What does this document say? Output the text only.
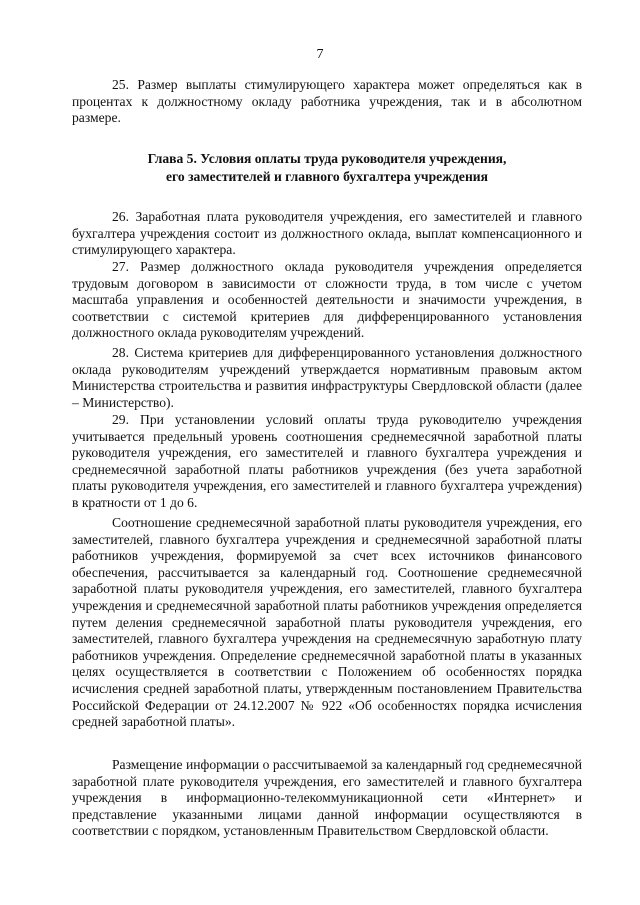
7

25. Размер выплаты стимулирующего характера может определяться как в процентах к должностному окладу работника учреждения, так и в абсолютном размере.

Глава 5. Условия оплаты труда руководителя учреждения,
его заместителей и главного бухгалтера учреждения

26. Заработная плата руководителя учреждения, его заместителей и главного бухгалтера учреждения состоит из должностного оклада, выплат компенсационного и стимулирующего характера.

27. Размер должностного оклада руководителя учреждения определяется трудовым договором в зависимости от сложности труда, в том числе с учетом масштаба управления и особенностей деятельности и значимости учреждения, в соответствии с системой критериев для дифференцированного установления должностного оклада руководителям учреждений.

28. Система критериев для дифференцированного установления должностного оклада руководителям учреждений утверждается нормативным правовым актом Министерства строительства и развития инфраструктуры Свердловской области (далее – Министерство).

29. При установлении условий оплаты труда руководителю учреждения учитывается предельный уровень соотношения среднемесячной заработной платы руководителя учреждения, его заместителей и главного бухгалтера учреждения и среднемесячной заработной платы работников учреждения (без учета заработной платы руководителя учреждения, его заместителей и главного бухгалтера учреждения) в кратности от 1 до 6.

Соотношение среднемесячной заработной платы руководителя учреждения, его заместителей, главного бухгалтера учреждения и среднемесячной заработной платы работников учреждения, формируемой за счет всех источников финансового обеспечения, рассчитывается за календарный год. Соотношение среднемесячной заработной платы руководителя учреждения, его заместителей, главного бухгалтера учреждения и среднемесячной заработной платы работников учреждения определяется путем деления среднемесячной заработной платы руководителя учреждения, его заместителей, главного бухгалтера учреждения на среднемесячную заработную плату работников учреждения. Определение среднемесячной заработной платы в указанных целях осуществляется в соответствии с Положением об особенностях порядка исчисления средней заработной платы, утвержденным постановлением Правительства Российской Федерации от 24.12.2007 № 922 «Об особенностях порядка исчисления средней заработной платы».

Размещение информации о рассчитываемой за календарный год среднемесячной заработной плате руководителя учреждения, его заместителей и главного бухгалтера учреждения в информационно-телекоммуникационной сети «Интернет» и представление указанными лицами данной информации осуществляются в соответствии с порядком, установленным Правительством Свердловской области.
